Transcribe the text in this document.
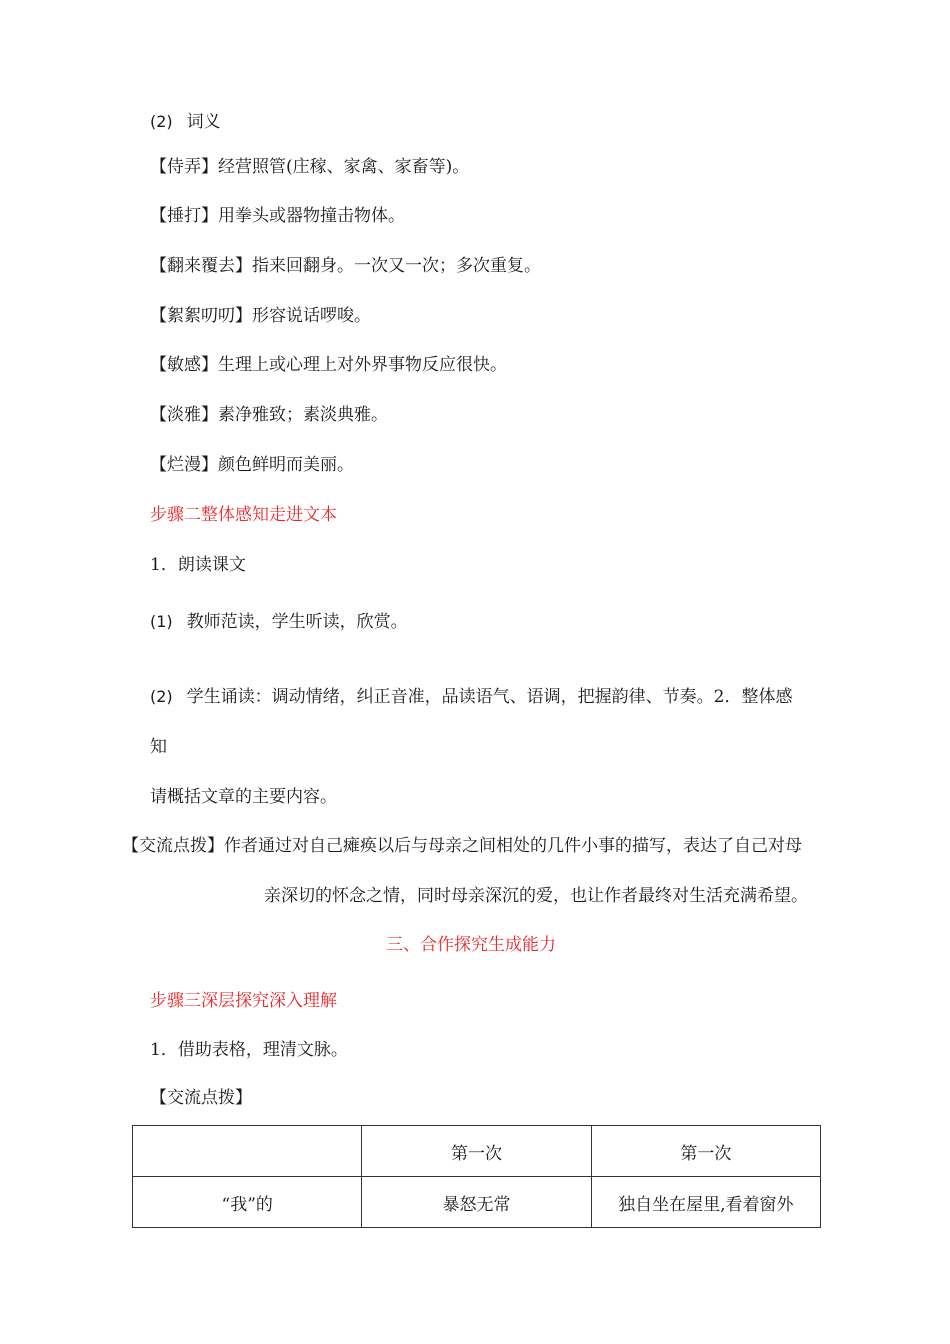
(2) 词义
【侍弄】经营照管(庄稼、家禽、家畜等)。
【捶打】用拳头或器物撞击物体。
【翻来覆去】指来回翻身。一次又一次；多次重复。
【絮絮叨叨】形容说话啰唆。
【敏感】生理上或心理上对外界事物反应很快。
【淡雅】素净雅致；素淡典雅。
【烂漫】颜色鲜明而美丽。
步骤二整体感知走进文本
1．朗读课文
(1) 教师范读，学生听读，欣赏。
(2) 学生诵读：调动情绪，纠正音准，品读语气、语调，把握韵律、节奏。2．整体感
知
请概括文章的主要内容。
【交流点拨】作者通过对自己瘫痪以后与母亲之间相处的几件小事的描写，表达了自己对母
亲深切的怀念之情，同时母亲深沉的爱，也让作者最终对生活充满希望。
三、合作探究生成能力
步骤三深层探究深入理解
1．借助表格，理清文脉。
【交流点拨】
	第一次	第一次
“我”的	暴怒无常	独自坐在屋里,看着窗外
